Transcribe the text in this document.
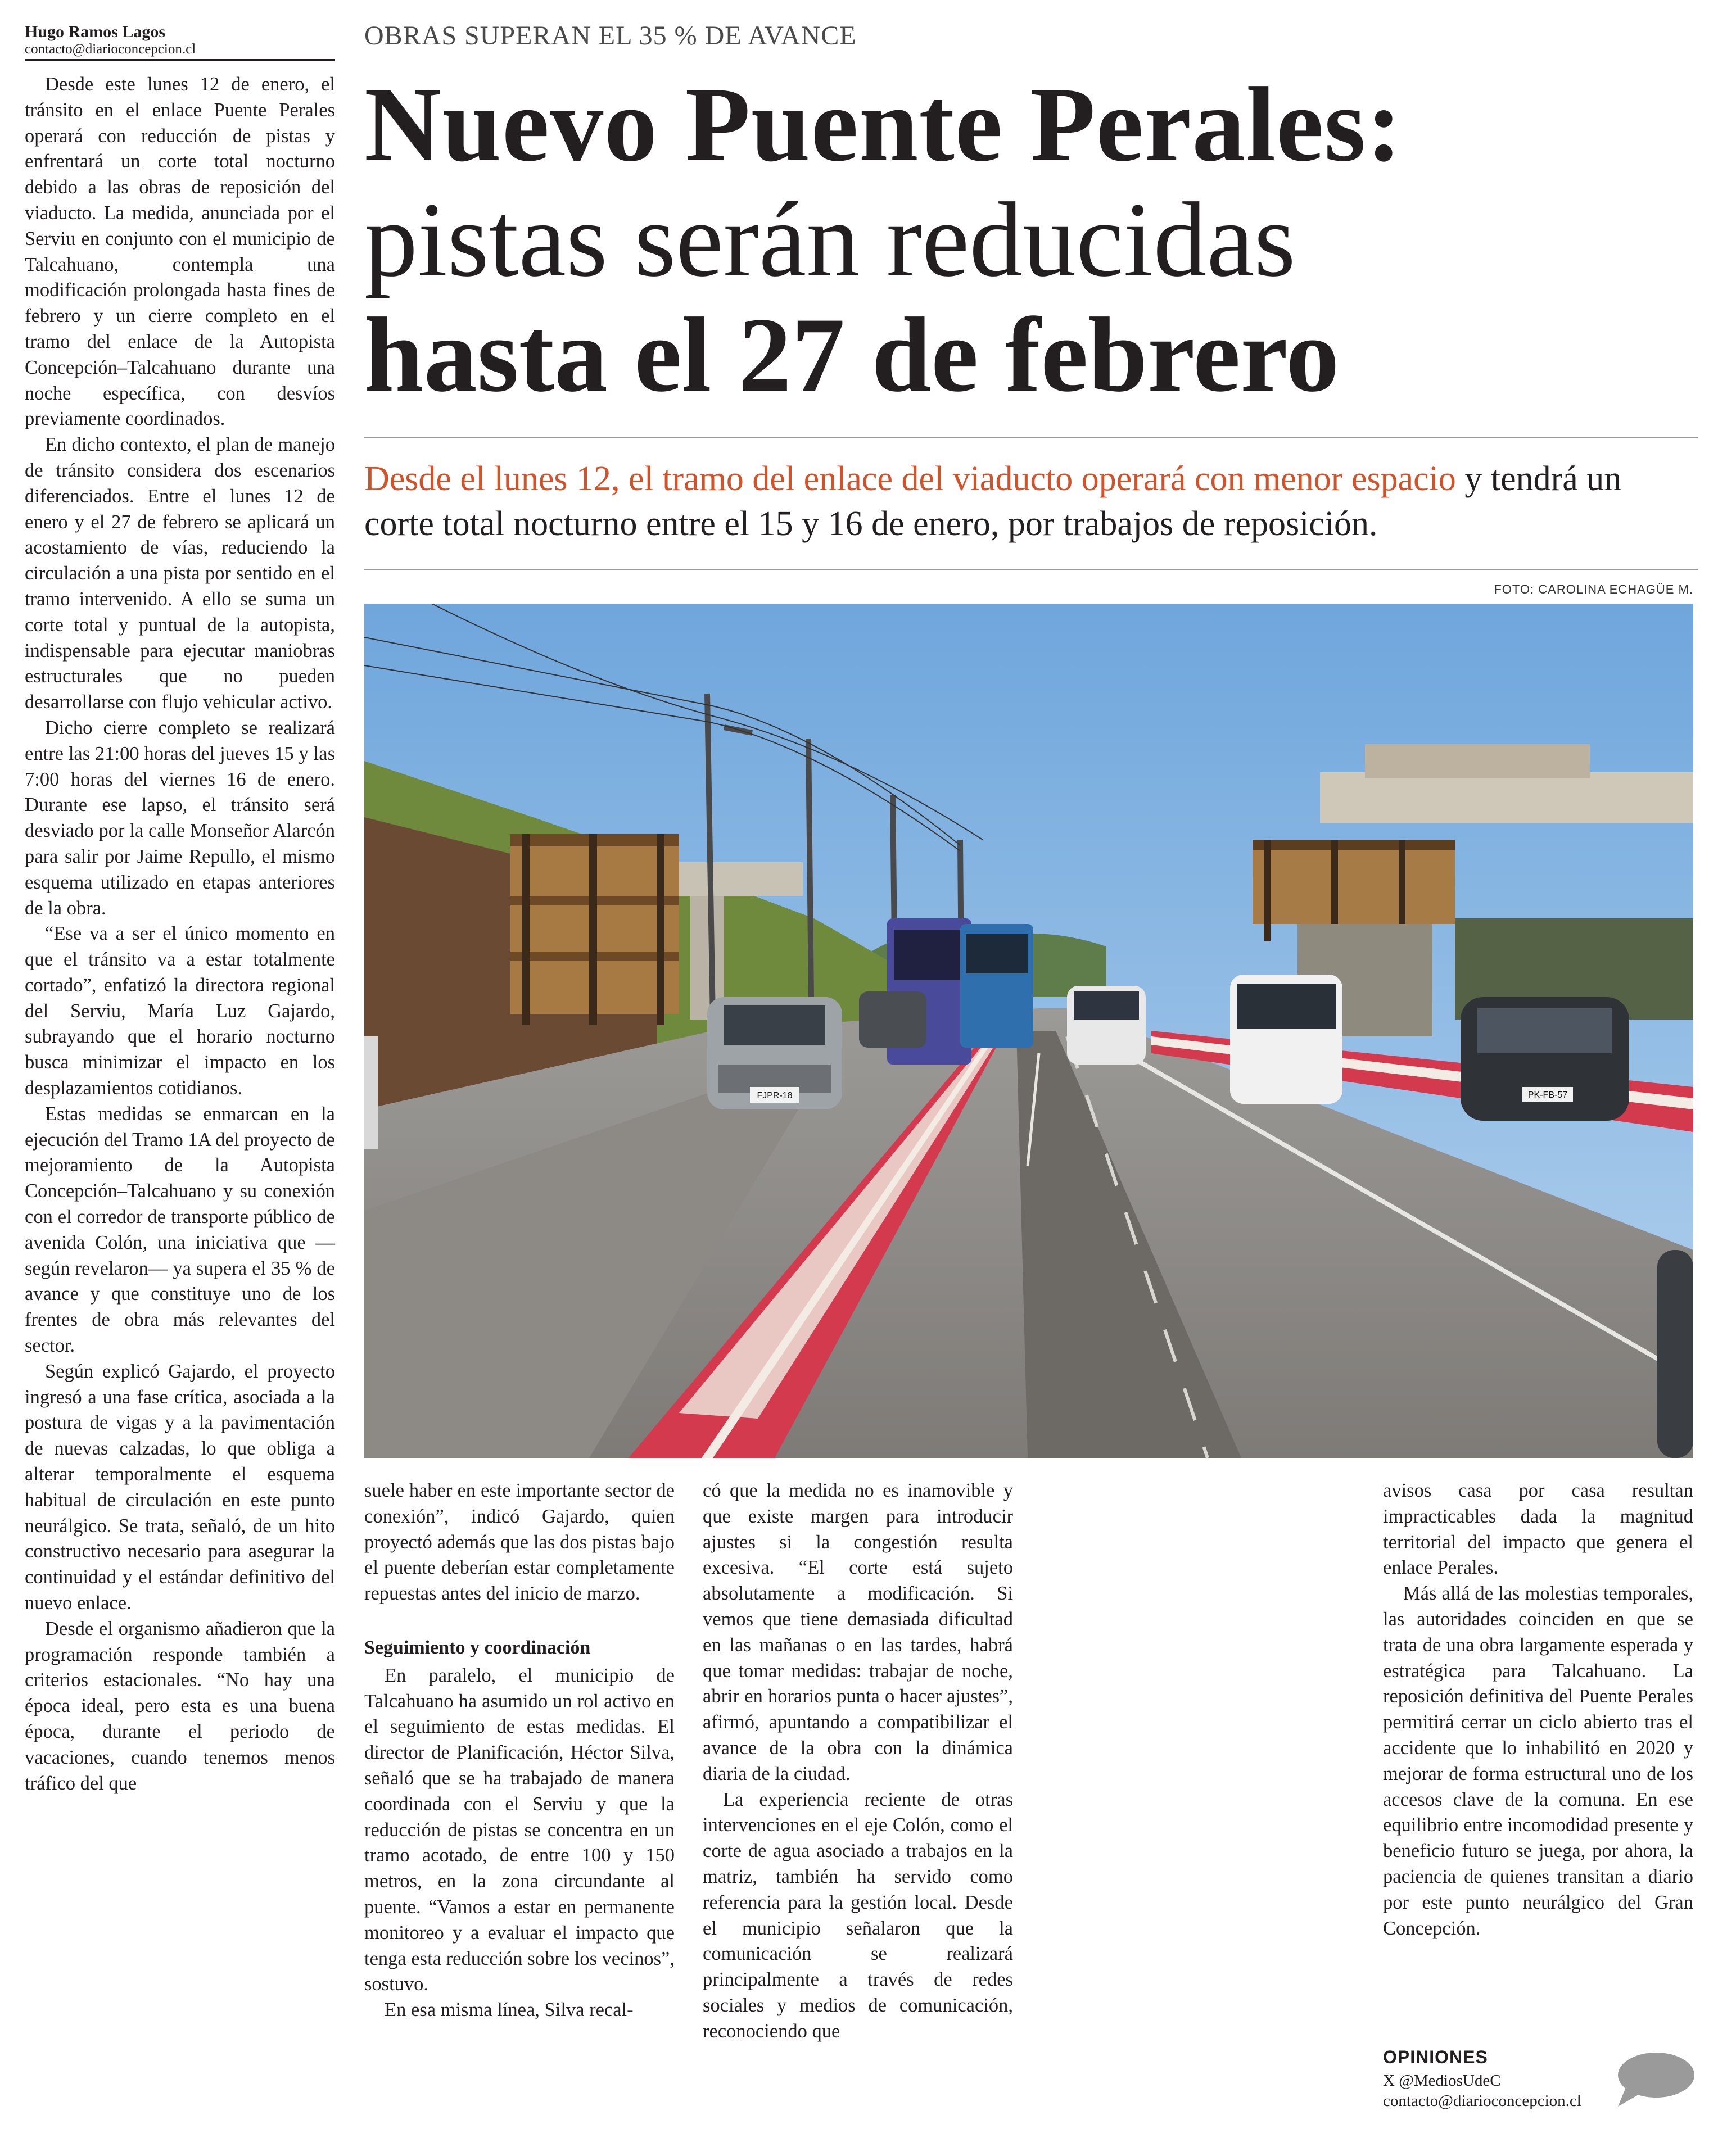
Hugo Ramos Lagos
contacto@diarioconcepcion.cl	OBRAS SUPERAN EL 35 % DE AVANCE
Nuevo Puente Perales:
pistas serán reducidas
hasta el 27 de febrero

Desde el lunes 12, el tramo del enlace del viaducto operará con menor espacio y tendrá un corte total nocturno entre el 15 y 16 de enero, por trabajos de reposición.

FOTO: CAROLINA ECHAGÜE M.
FJPR-18	PK-FB-57

Desde este lunes 12 de enero, el tránsito en el enlace Puente Perales operará con reducción de pistas y enfrentará un corte total nocturno debido a las obras de reposición del viaducto. La medida, anunciada por el Serviu en conjunto con el municipio de Talcahuano, contempla una modificación prolongada hasta fines de febrero y un cierre completo en el tramo del enlace de la Autopista Concepción–Talcahuano durante una noche específica, con desvíos previamente coordinados.

En dicho contexto, el plan de manejo de tránsito considera dos escenarios diferenciados. Entre el lunes 12 de enero y el 27 de febrero se aplicará un acostamiento de vías, reduciendo la circulación a una pista por sentido en el tramo intervenido. A ello se suma un corte total y puntual de la autopista, indispensable para ejecutar maniobras estructurales que no pueden desarrollarse con flujo vehicular activo.

Dicho cierre completo se realizará entre las 21:00 horas del jueves 15 y las 7:00 horas del viernes 16 de enero. Durante ese lapso, el tránsito será desviado por la calle Monseñor Alarcón para salir por Jaime Repullo, el mismo esquema utilizado en etapas anteriores de la obra.

“Ese va a ser el único momento en que el tránsito va a estar totalmente cortado”, enfatizó la directora regional del Serviu, María Luz Gajardo, subrayando que el horario nocturno busca minimizar el impacto en los desplazamientos cotidianos.

Estas medidas se enmarcan en la ejecución del Tramo 1A del proyecto de mejoramiento de la Autopista Concepción–Talcahuano y su conexión con el corredor de transporte público de avenida Colón, una iniciativa que —según revelaron— ya supera el 35 % de avance y que constituye uno de los frentes de obra más relevantes del sector.

Según explicó Gajardo, el proyecto ingresó a una fase crítica, asociada a la postura de vigas y a la pavimentación de nuevas calzadas, lo que obliga a alterar temporalmente el esquema habitual de circulación en este punto neurálgico. Se trata, señaló, de un hito constructivo necesario para asegurar la continuidad y el estándar definitivo del nuevo enlace.

Desde el organismo añadieron que la programación responde también a criterios estacionales. “No hay una época ideal, pero esta es una buena época, durante el periodo de vacaciones, cuando tenemos menos tráfico del que

suele haber en este importante sector de conexión”, indicó Gajardo, quien proyectó además que las dos pistas bajo el puente deberían estar completamente repuestas antes del inicio de marzo.

Seguimiento y coordinación

En paralelo, el municipio de Talcahuano ha asumido un rol activo en el seguimiento de estas medidas. El director de Planificación, Héctor Silva, señaló que se ha trabajado de manera coordinada con el Serviu y que la reducción de pistas se concentra en un tramo acotado, de entre 100 y 150 metros, en la zona circundante al puente. “Vamos a estar en permanente monitoreo y a evaluar el impacto que tenga esta reducción sobre los vecinos”, sostuvo.

En esa misma línea, Silva recal-

có que la medida no es inamovible y que existe margen para introducir ajustes si la congestión resulta excesiva. “El corte está sujeto absolutamente a modificación. Si vemos que tiene demasiada dificultad en las mañanas o en las tardes, habrá que tomar medidas: trabajar de noche, abrir en horarios punta o hacer ajustes”, afirmó, apuntando a compatibilizar el avance de la obra con la dinámica diaria de la ciudad.

La experiencia reciente de otras intervenciones en el eje Colón, como el corte de agua asociado a trabajos en la matriz, también ha servido como referencia para la gestión local. Desde el municipio señalaron que la comunicación se realizará principalmente a través de redes sociales y medios de comunicación, reconociendo que

avisos casa por casa resultan impracticables dada la magnitud territorial del impacto que genera el enlace Perales.

Más allá de las molestias temporales, las autoridades coinciden en que se trata de una obra largamente esperada y estratégica para Talcahuano. La reposición definitiva del Puente Perales permitirá cerrar un ciclo abierto tras el accidente que lo inhabilitó en 2020 y mejorar de forma estructural uno de los accesos clave de la comuna. En ese equilibrio entre incomodidad presente y beneficio futuro se juega, por ahora, la paciencia de quienes transitan a diario por este punto neurálgico del Gran Concepción.

OPINIONES
X @MediosUdeC
contacto@diarioconcepcion.cl
